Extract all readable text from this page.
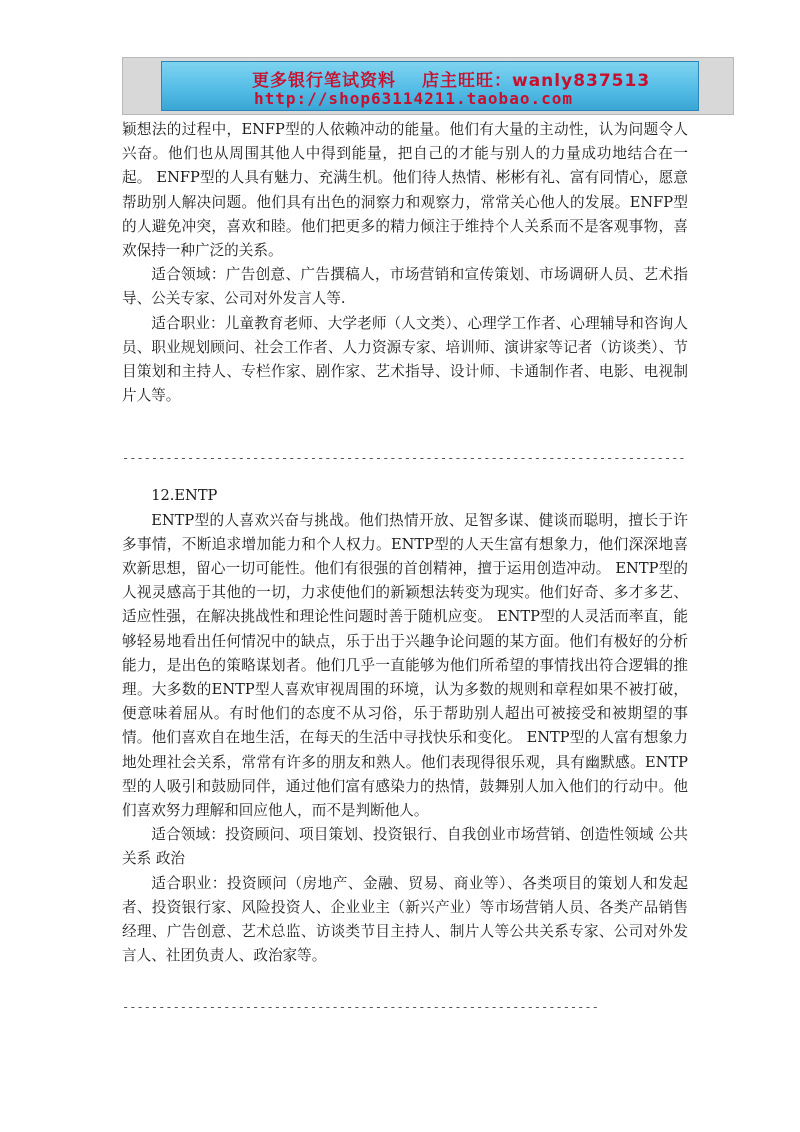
更多银行笔试资料 店主旺旺：wanly837513
http://shop63114211.taobao.com

颖想法的过程中，ENFP型的人依赖冲动的能量。他们有大量的主动性，认为问题令人兴奋。他们也从周围其他人中得到能量，把自己的才能与别人的力量成功地结合在一起。 ENFP型的人具有魅力、充满生机。他们待人热情、彬彬有礼、富有同情心，愿意帮助别人解决问题。他们具有出色的洞察力和观察力，常常关心他人的发展。ENFP型的人避免冲突，喜欢和睦。他们把更多的精力倾注于维持个人关系而不是客观事物，喜欢保持一种广泛的关系。

适合领域：广告创意、广告撰稿人，市场营销和宣传策划、市场调研人员、艺术指导、公关专家、公司对外发言人等.

适合职业：儿童教育老师、大学老师（人文类）、心理学工作者、心理辅导和咨询人员、职业规划顾问、社会工作者、人力资源专家、培训师、演讲家等记者（访谈类）、节目策划和主持人、专栏作家、剧作家、艺术指导、设计师、卡通制作者、电影、电视制片人等。

------------------------------------------------------------------------------

12.ENTP

ENTP型的人喜欢兴奋与挑战。他们热情开放、足智多谋、健谈而聪明，擅长于许多事情，不断追求增加能力和个人权力。ENTP型的人天生富有想象力，他们深深地喜欢新思想，留心一切可能性。他们有很强的首创精神，擅于运用创造冲动。 ENTP型的人视灵感高于其他的一切，力求使他们的新颖想法转变为现实。他们好奇、多才多艺、适应性强，在解决挑战性和理论性问题时善于随机应变。 ENTP型的人灵活而率直，能够轻易地看出任何情况中的缺点，乐于出于兴趣争论问题的某方面。他们有极好的分析能力，是出色的策略谋划者。他们几乎一直能够为他们所希望的事情找出符合逻辑的推理。大多数的ENTP型人喜欢审视周围的环境，认为多数的规则和章程如果不被打破，便意味着屈从。有时他们的态度不从习俗，乐于帮助别人超出可被接受和被期望的事情。他们喜欢自在地生活，在每天的生活中寻找快乐和变化。 ENTP型的人富有想象力地处理社会关系，常常有许多的朋友和熟人。他们表现得很乐观，具有幽默感。ENTP型的人吸引和鼓励同伴，通过他们富有感染力的热情，鼓舞别人加入他们的行动中。他们喜欢努力理解和回应他人，而不是判断他人。

适合领域：投资顾问、项目策划、投资银行、自我创业市场营销、创造性领域 公共关系 政治

适合职业：投资顾问（房地产、金融、贸易、商业等）、各类项目的策划人和发起者、投资银行家、风险投资人、企业业主（新兴产业）等市场营销人员、各类产品销售经理、广告创意、艺术总监、访谈类节目主持人、制片人等公共关系专家、公司对外发言人、社团负责人、政治家等。

------------------------------------------------------------------
